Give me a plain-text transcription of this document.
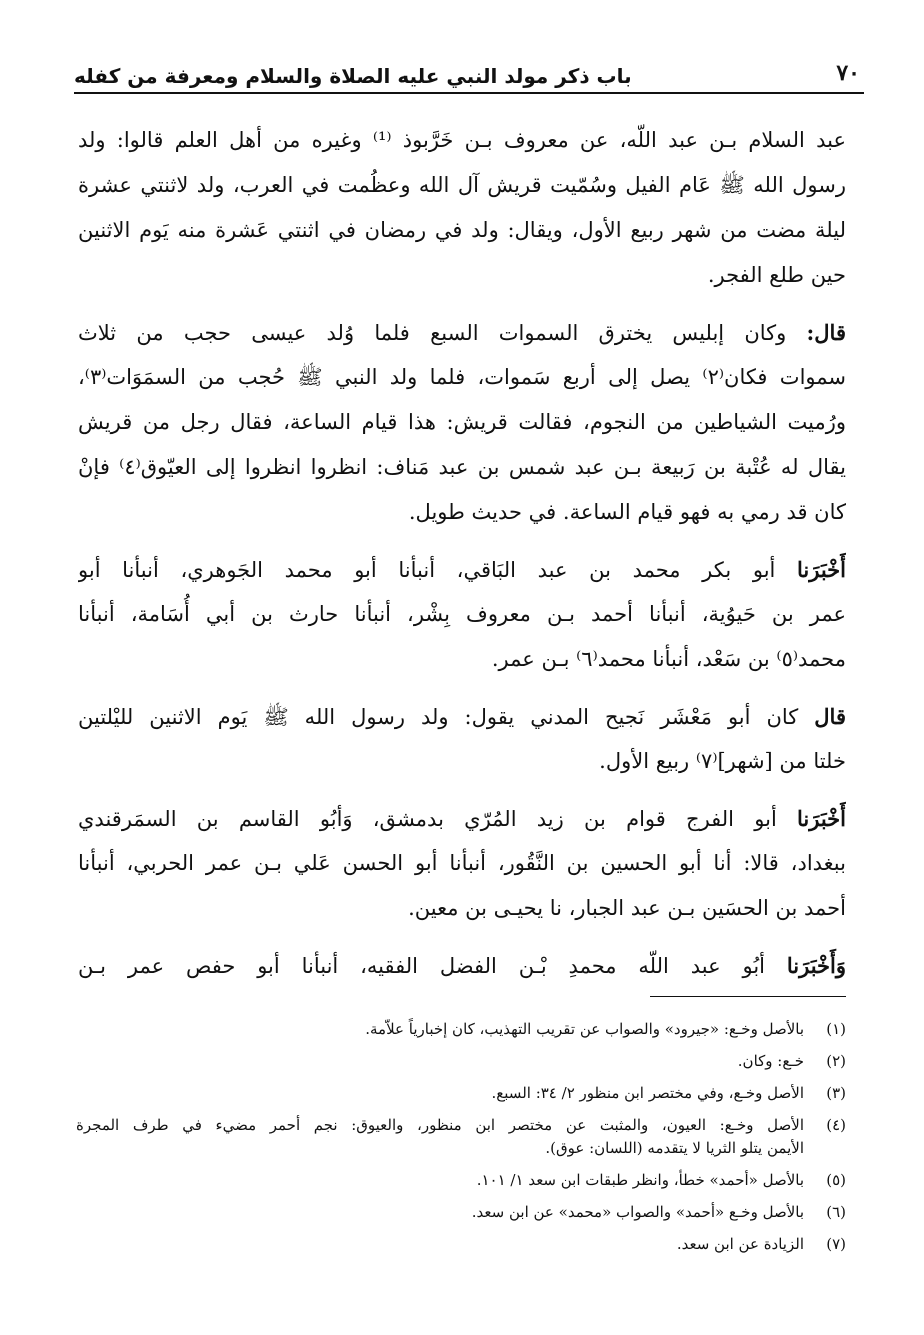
٧٠
باب ذكر مولد النبي عليه الصلاة والسلام ومعرفة من كفله
عبد السلام بـن عبد اللّه، عن معروف بـن خَرَّبوذ ⁽¹⁾ وغيره من أهل العلم قالوا: ولد
رسول الله ﷺ عَام الفيل وسُمّيت قريش آل الله وعظُمت في العرب، ولد لاثنتي عشرة
ليلة مضت من شهر ربيع الأول، ويقال: ولد في رمضان في اثنتي عَشرة منه يَوم الاثنين
حين طلع الفجر.
قال: وكان إبليس يخترق السموات السبع فلما وُلد عيسى حجب من ثلاث
سموات فكان⁽٢⁾ يصل إلى أربع سَموات، فلما ولد النبي ﷺ حُجب من السمَوَات⁽٣⁾،
ورُميت الشياطين من النجوم، فقالت قريش: هذا قيام الساعة، فقال رجل من قريش
يقال له عُتْبة بن رَبيعة بـن عبد شمس بن عبد مَناف: انظروا انظروا إلى العيّوق⁽٤⁾ فإنْ
كان قد رمي به فهو قيام الساعة. في حديث طويل.
أَخْبَرَنا أبو بكر محمد بن عبد البَاقي، أنبأنا أبو محمد الجَوهري، أنبأنا أبو
عمر بن حَيوُية، أنبأنا أحمد بـن معروف بِشْر، أنبأنا حارث بن أبي أُسَامة، أنبأنا
محمد⁽٥⁾ بن سَعْد، أنبأنا محمد⁽٦⁾ بـن عمر.
قال كان أبو مَعْشَر نَجيح المدني يقول: ولد رسول الله ﷺ يَوم الاثنين لليْلتين
خلتا من [شهر]⁽٧⁾ ربيع الأول.
أَخْبَرَنا أبو الفرج قوام بن زيد المُرّي بدمشق، وَأبُو القاسم بن السمَرقندي
ببغداد، قالا: أنا أبو الحسين بن النَّقُور، أنبأنا أبو الحسن عَلي بـن عمر الحربي، أنبأنا
أحمد بن الحسَين بـن عبد الجبار، نا يحيـى بن معين.
وَأَخْبَرَنا أبُو عبد اللّه محمدِ بْـن الفضل الفقيه، أنبأنا أبو حفص عمر بـن
(١)
بالأصل وخـع: «جيرود» والصواب عن تقريب التهذيب، كان إخبارياً علاّمة.
(٢)
خـع: وكان.
(٣)
الأصل وخـع، وفي مختصر ابن منظور ٢/ ٣٤: السبع.
(٤)
الأصل وخـع: العيون، والمثبت عن مختصر ابن منظور، والعيوق: نجم أحمر مضيء في طرف المجرة
الأيمن يتلو الثريا لا يتقدمه (اللسان: عوق).
(٥)
بالأصل «أحمد» خطأ، وانظر طبقات ابن سعد ١/ ١٠١.
(٦)
بالأصل وخـع «أحمد» والصواب «محمد» عن ابن سعد.
(٧)
الزيادة عن ابن سعد.
